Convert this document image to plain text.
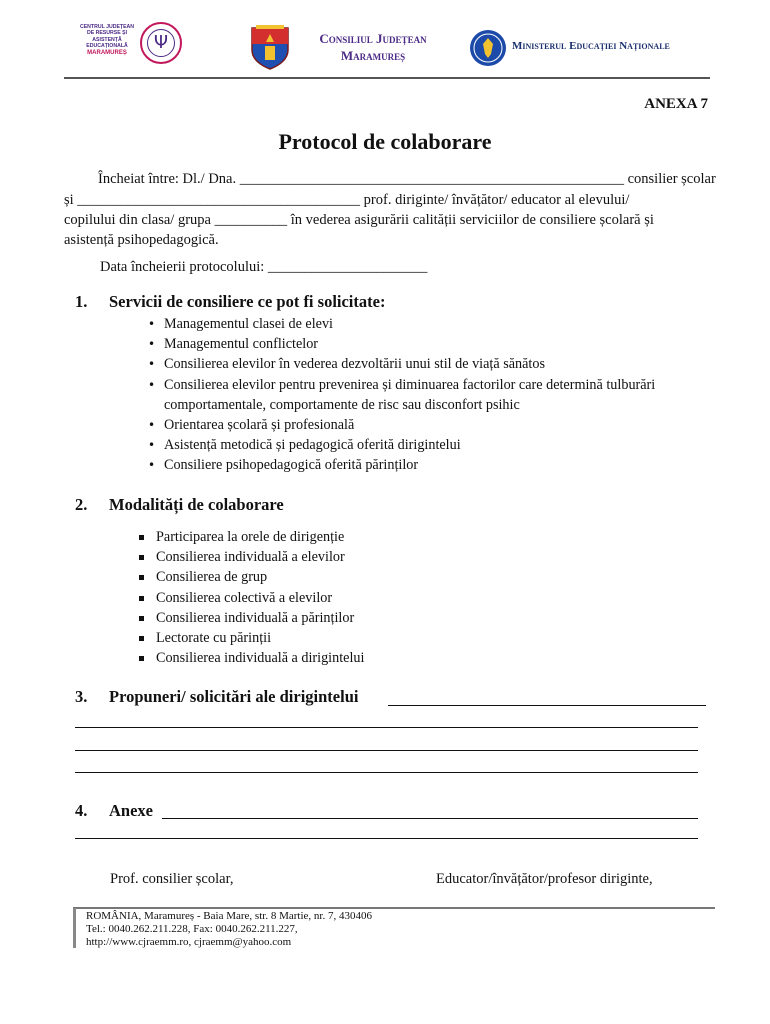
CENTRUL JUDEȚEAN
DE RESURSE ȘI
ASISTENȚĂ
EDUCAȚIONALĂ
MARAMUREȘ	Ψ	Consiliul Județean
Maramureș
Ministerul Educației Naționale
ANEXA 7
Protocol de colaborare
Încheiat între: Dl./ Dna. _____________________________________________________ consilier școlar
și _______________________________________ prof. diriginte/ învățător/ educator al elevului/
copilului din clasa/ grupa __________ în vederea asigurării calității serviciilor de consiliere școlară și
asistență psihopedagogică.
Data încheierii protocolului: ______________________
1. Servicii de consiliere ce pot fi solicitate:
• Managementul clasei de elevi
• Managementul conflictelor
• Consilierea elevilor în vederea dezvoltării unui stil de viață sănătos
• Consilierea elevilor pentru prevenirea și diminuarea factorilor care determină tulburări
comportamentale, comportamente de risc sau disconfort psihic
• Orientarea școlară și profesională
• Asistență metodică și pedagogică oferită dirigintelui
• Consiliere psihopedagogică oferită părinților
2. Modalități de colaborare
Participarea la orele de dirigenție
Consilierea individuală a elevilor
Consilierea de grup
Consilierea colectivă a elevilor
Consilierea individuală a părinților
Lectorate cu părinții
Consilierea individuală a dirigintelui
3. Propuneri/ solicitări ale dirigintelui
4. Anexe
Prof. consilier școlar,	Educator/învățător/profesor diriginte,
ROMÂNIA, Maramureș - Baia Mare, str. 8 Martie, nr. 7, 430406
Tel.: 0040.262.211.228, Fax: 0040.262.211.227,
http://www.cjraemm.ro, cjraemm@yahoo.com
